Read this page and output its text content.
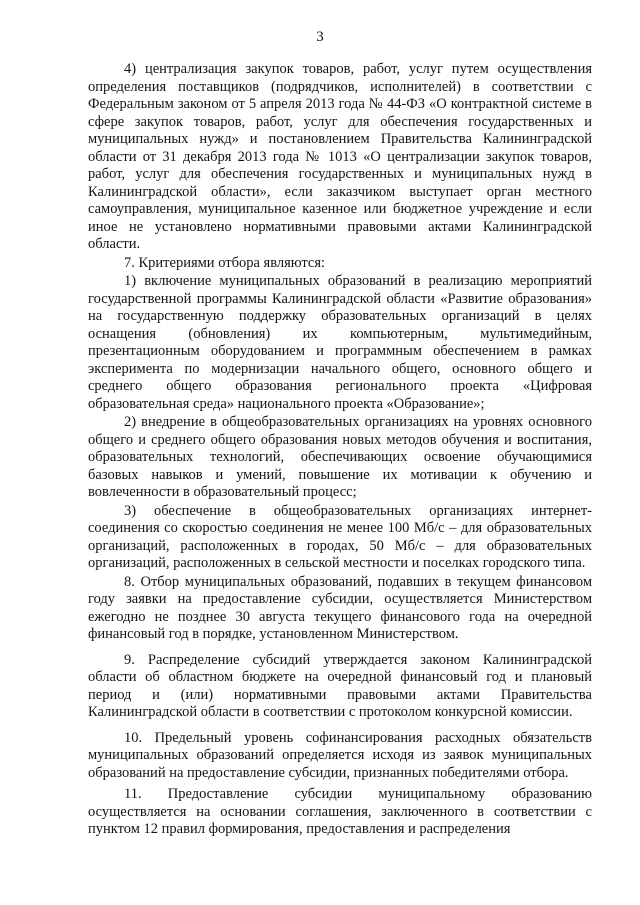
3

4) централизация закупок товаров, работ, услуг путем осуществления определения поставщиков (подрядчиков, исполнителей) в соответствии с Федеральным законом от 5 апреля 2013 года № 44-ФЗ «О контрактной системе в сфере закупок товаров, работ, услуг для обеспечения государственных и муниципальных нужд» и постановлением Правительства Калининградской области от 31 декабря 2013 года № 1013 «О централизации закупок товаров, работ, услуг для обеспечения государственных и муниципальных нужд в Калининградской области», если заказчиком выступает орган местного самоуправления, муниципальное казенное или бюджетное учреждение и если иное не установлено нормативными правовыми актами Калининградской области.

7. Критериями отбора являются:

1) включение муниципальных образований в реализацию мероприятий государственной программы Калининградской области «Развитие образования» на государственную поддержку образовательных организаций в целях оснащения (обновления) их компьютерным, мультимедийным, презентационным оборудованием и программным обеспечением в рамках эксперимента по модернизации начального общего, основного общего и среднего общего образования регионального проекта «Цифровая образовательная среда» национального проекта «Образование»;

2) внедрение в общеобразовательных организациях на уровнях основного общего и среднего общего образования новых методов обучения и воспитания, образовательных технологий, обеспечивающих освоение обучающимися базовых навыков и умений, повышение их мотивации к обучению и вовлеченности в образовательный процесс;

3) обеспечение в общеобразовательных организациях интернет-соединения со скоростью соединения не менее 100 Мб/с – для образовательных организаций, расположенных в городах, 50 Мб/с – для образовательных организаций, расположенных в сельской местности и поселках городского типа.

8. Отбор муниципальных образований, подавших в текущем финансовом году заявки на предоставление субсидии, осуществляется Министерством ежегодно не позднее 30 августа текущего финансового года на очередной финансовый год в порядке, установленном Министерством.

9. Распределение субсидий утверждается законом Калининградской области об областном бюджете на очередной финансовый год и плановый период и (или) нормативными правовыми актами Правительства Калининградской области в соответствии с протоколом конкурсной комиссии.

10. Предельный уровень софинансирования расходных обязательств муниципальных образований определяется исходя из заявок муниципальных образований на предоставление субсидии, признанных победителями отбора.

11. Предоставление субсидии муниципальному образованию осуществляется на основании соглашения, заключенного в соответствии с пунктом 12 правил формирования, предоставления и распределения
